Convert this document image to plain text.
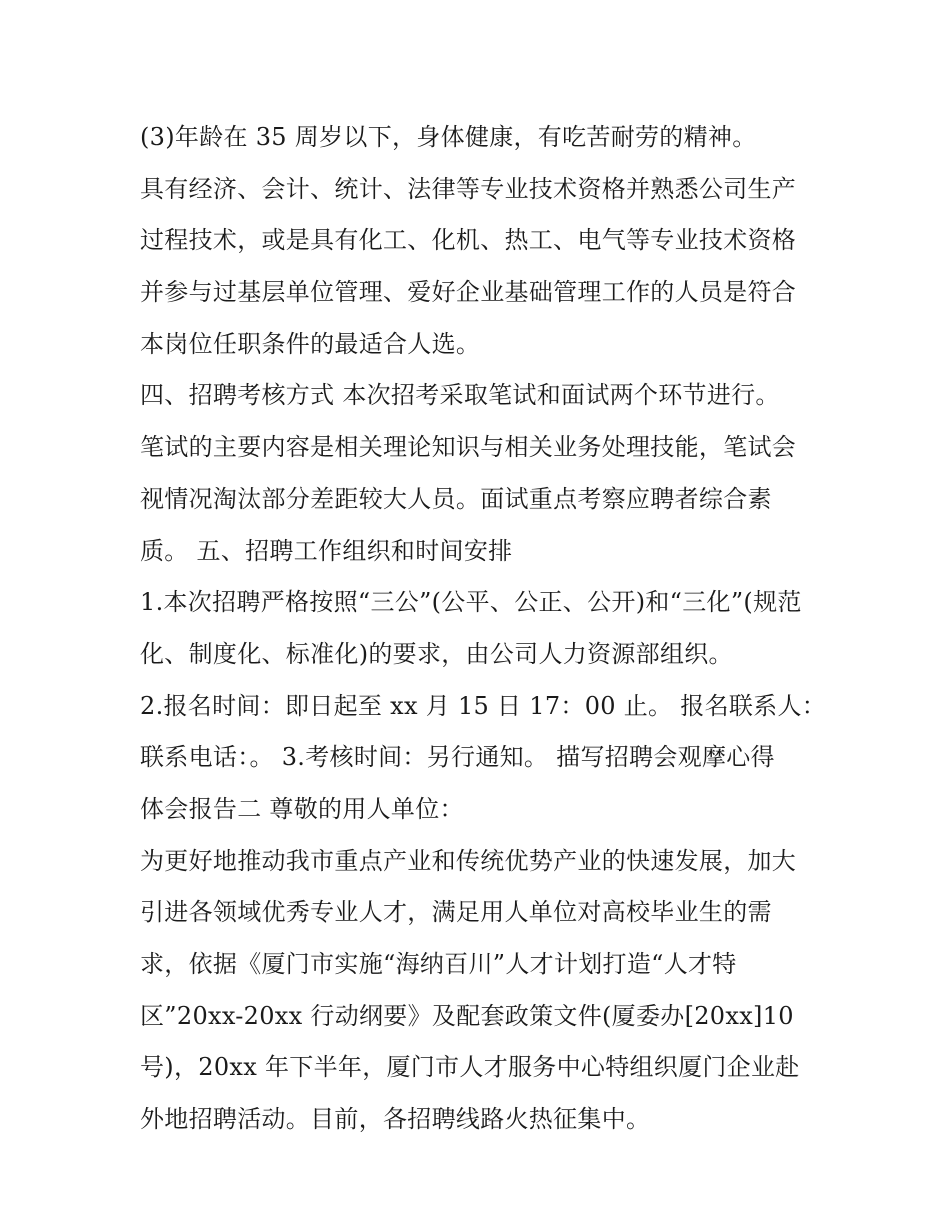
(3)年龄在 35 周岁以下，身体健康，有吃苦耐劳的精神。
具有经济、会计、统计、法律等专业技术资格并熟悉公司生产
过程技术，或是具有化工、化机、热工、电气等专业技术资格
并参与过基层单位管理、爱好企业基础管理工作的人员是符合
本岗位任职条件的最适合人选。
四、招聘考核方式 本次招考采取笔试和面试两个环节进行。
笔试的主要内容是相关理论知识与相关业务处理技能，笔试会
视情况淘汰部分差距较大人员。面试重点考察应聘者综合素
质。 五、招聘工作组织和时间安排
1.本次招聘严格按照“三公”(公平、公正、公开)和“三化”(规范
化、制度化、标准化)的要求，由公司人力资源部组织。
2.报名时间：即日起至 xx 月 15 日 17：00 止。 报名联系人：
联系电话：。 3.考核时间：另行通知。 描写招聘会观摩心得
体会报告二 尊敬的用人单位：
为更好地推动我市重点产业和传统优势产业的快速发展，加大
引进各领域优秀专业人才，满足用人单位对高校毕业生的需
求，依据《厦门市实施“海纳百川”人才计划打造“人才特
区”20xx-20xx 行动纲要》及配套政策文件(厦委办[20xx]10
号)，20xx 年下半年，厦门市人才服务中心特组织厦门企业赴
外地招聘活动。目前，各招聘线路火热征集中。
